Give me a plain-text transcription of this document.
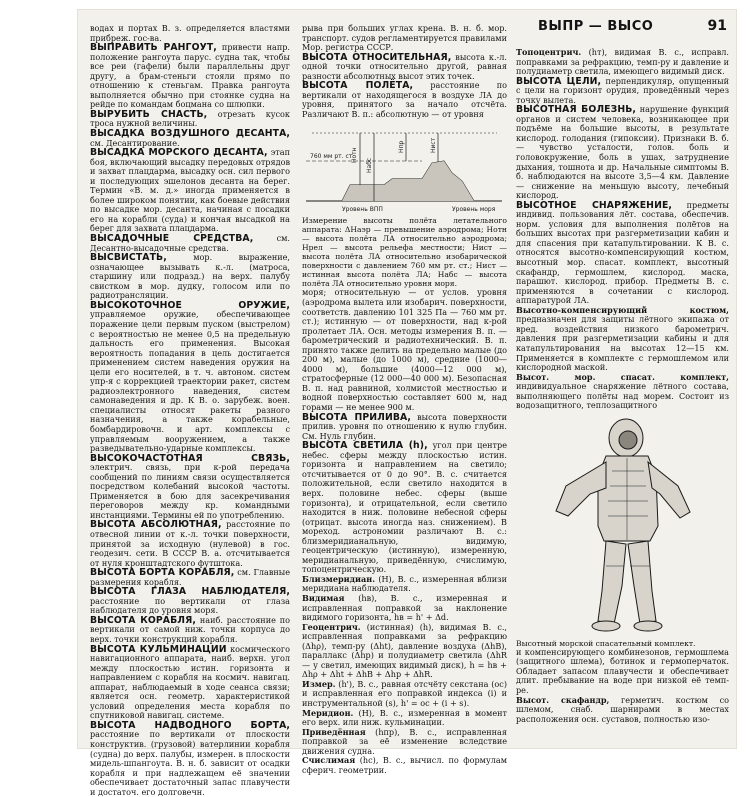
ВЫПР — ВЫСО	91

водах и портах В. з. определяется властями прибреж. гос-ва.

ВЫПРАВИТЬ РАНГОУТ, привести напр. положение рангоута парус. судна так, чтобы все реи (гафели) были параллельны друг другу, а брам-стеньги стояли прямо по отношению к стеньгам. Правка рангоута выполняется обычно при стоянке судна на рейде по командам боцмана со шлюпки.

ВЫРУБИТЬ СНАСТЬ, отрезать кусок троса нужной величины.

ВЫСАДКА ВОЗДУШНОГО ДЕСАНТА, см. Десантирование.

ВЫСАДКА МОРСКОГО ДЕСАНТА, этап боя, включающий высадку передовых отрядов и захват плацдарма, высадку осн. сил первого и последующих эшелонов десанта на берег. Термин «В. м. д.» иногда применяется в более широком понятии, как боевые действия по высадке мор. десанта, начиная с посадки его на корабли (суда) и кончая высадкой на берег для захвата плацдарма.

ВЫСАДОЧНЫЕ СРЕДСТВА,	см. Десантно-высадочные средства.

ВЫСВИСТАТЬ,	мор. выражение, означающее вызывать к.-л. (матроса, старшину или подразд.) на верх. палубу свистком в мор. дудку, голосом или по радиотрансляции.

ВЫСОКОТОЧНОЕ ОРУЖИЕ, управляемое оружие, обеспечивающее поражение цели первым пуском (выстрелом) с вероятностью не менее 0,5 на предельную дальность его применения. Высокая вероятность попадания в цель достигается применением систем наведения оружия на цели его носителей, в т. ч. автоном. систем упр-я с коррекцией траектории ракет, систем радиоэлектронного наведения, систем самонаведения и др. К В. о. зарубеж. воен. специалисты относят ракеты разного назначения, а также корабельные, бомбардировочн. и арт. комплексы с управляемым вооружением, а также разведывательно-ударные комплексы.

ВЫСОКОЧАСТОТНАЯ СВЯЗЬ, электрич. связь, при к-рой передача сообщений по линиям связи осуществляется посредством колебаний высокой частоты. Применяется в бою для засекречивания переговоров между кр. командными инстанциями. Термины ей по употреблению.

ВЫСОТА АБСОЛЮТНАЯ, расстояние по отвесной линии от к.-л. точки поверхности, принятой за исходную (нулевой) в гос. геодезич. сети. В СССР В. а. отсчитывается от нуля кронштадтского футштока.

ВЫСОТА БОРТА КОРАБЛЯ, см. Главные размерения корабля.

ВЫСОТА ГЛАЗА НАБЛЮДАТЕЛЯ, расстояние по вертикали от глаза наблюдателя до уровня моря.

ВЫСОТА КОРАБЛЯ, наиб. расстояние по вертикали от самой ниж. точки корпуса до верх. точки конструкций корабля.

ВЫСОТА КУЛЬМИНАЦИИ космического навигационного аппарата, наиб. верхн. угол между плоскостью истин. горизонта и направлением с корабля на космич. навигац. аппарат, наблюдаемый в ходе сеанса связи; является осн. геометр. характеристикой условий определения места корабля по спутниковой навигац. системе.

ВЫСОТА НАДВОДНОГО БОРТА, расстояние по вертикали от плоскости конструктив. (грузовой) ватерлинии корабля (судна) до верх. палубы, измерен. в плоскости мидель-шпангоута. В. н. б. зависит от осадки корабля и при надлежащем её значении обеспечивает достаточный запас плавучести и достаточ. его долговечн.

рыва при больших углах крена. В. н. б. мор. транспорт. судов регламентируется правилами Мор. регистра СССР.

ВЫСОТА ОТНОСИТЕЛЬНАЯ, высота к.-л. одной точки относительно другой, равная разности абсолютных высот этих точек.

ВЫСОТА ПОЛЁТА, расстояние по вертикали от находящегося в воздухе ЛА до уровня, принятого за начало отсчёта. Различают В. п.: абсолютную — от уровня

Нотн
Набс
Нпр	Нист
Уровень ВПП	Уровень моря
760 мм рт. ст.

Измерение высоты полёта летательного аппарата: ΔНаэр — превышение аэродрома; Нотн — высота полёта ЛА относительно аэродрома; Нрел — высота рельефа местности; Нист — высота полёта ЛА относительно изобарической поверхности с давлением 760 мм рт. ст.; Нист — истинная высота полёта ЛА; Набс — высота полёта ЛА относительно уровня моря.

моря; относительную — от услов. уровня (аэродрома вылета или изобарич. поверхности, соответств. давлению 101 325 Па — 760 мм рт. ст.); истинную — от поверхности, над к-рой пролетает ЛА. Осн. методы измерения В. п. — барометрический и радиотехнический. В. п. принято также делить на предельно малые (до 200 м), малые (до 1000 м), средние (1000—4000 м), большие (4000—12 000 м), стратосферные (12 000—40 000 м). Безопасная В. п. над равниной, холмистой местностью и водной поверхностью составляет 600 м, над горами — не менее 900 м.

ВЫСОТА ПРИЛИВА, высота поверхности прилив. уровня по отношению к нулю глубин. См. Нуль глубин.

ВЫСОТА СВЕТИЛА (h), угол при центре небес. сферы между плоскостью истин. горизонта и направлением на светило; отсчитывается от 0 до 90°. В. с. считается положительной, если светило находится в верх. половине небес. сферы (выше горизонта), и отрицательной, если светило находится в ниж. половине небесной сферы (отрицат. высота иногда наз. снижением). В мореход. астрономии различают В. с.: близмеридианальную, видимую, геоцентрическую (истинную), измеренную, меридианальную, приведённую, счислимую, топоцентрическую.

Близмеридиан. (H), В. с., измеренная вблизи меридиана наблюдателя.

Видимая (hв), В. с., измеренная и исправленная поправкой за наклонение видимого горизонта, hв = h' + Δd.

Геоцентрич. (истинная) (h), видимая В. с., исправленная поправками за рефракцию (Δhρ), темп-ру (Δht), давление воздуха (ΔhB), параллакс (Δhp) и полудиаметр светила (ΔhR — у светил, имеющих видимый диск), h = hв + Δhρ + Δht + ΔhB + Δhp + ΔhR.

Измер. (h'), В. с., равная отсчёту секстана (ос) и исправленная его поправкой индекса (i) и инструментальной (s), h' = ос + (i + s).

Меридион. (H), В. с., измеренная в момент его верх. или ниж. кульминации.

Приведённая (hпр), В. с., исправленная поправкой за её изменение вследствие движения судна.

Счислимая (hc), В. с., вычисл. по формулам сферич. геометрии.

Топоцентрич. (hт), видимая В. с., исправл. поправками за рефракцию, темп-ру и давление и полудиаметр светила, имеющего видимый диск.

ВЫСОТА ЦЕЛИ, перпендикуляр, опущенный с цели на горизонт орудия, проведённый через точку вылета.

ВЫСОТНАЯ БОЛЕЗНЬ, нарушение функций органов и систем человека, возникающее при подъёме на большие высоты, в результате кислород. голодания (гипоксии). Признаки В. б. — чувство усталости, голов. боль и головокружение, боль в ушах, затруднение дыхания, тошнота и др. Начальные симптомы В. б. наблюдаются на высоте 3,5—4 км. Давление — снижение на меньшую высоту, лечебный кислород.

ВЫСОТНОЕ СНАРЯЖЕНИЕ, предметы индивид. пользования лёт. состава, обеспечив. норм. условия для выполнения полётов на больших высотах при разгерметизации кабин и для спасения при катапультировании. К В. с. относятся высотно-компенсирующий костюм, высотный мор. спасат. комплект, высотный скафандр, гермошлем, кислород. маска, парашют. кислород. прибор. Предметы В. с. применяются в сочетании с кислород. аппаратурой ЛА.

Высотно-компенсирующий костюм, предназначен для защиты лётного экипажа от вред. воздействия низкого барометрич. давления при разгерметизации кабины и для катапультирования на высотах 12—15 км. Применяется в комплекте с гермошлемом или кислородной маской.

Высот. мор. спасат. комплект, индивидуальное снаряжение лётного состава, выполняющего полёты над морем. Состоит из водозащитного, теплозащитного

Высотный морской спасательный комплект.

и компенсирующего комбинезонов, гермошлема (защитного шлема), ботинок и гермоперчаток. Обладает запасом плавучести и обеспечивает длит. пребывание на воде при низкой её темп-ре.

Высот. скафандр, герметич. костюм со шлемом, снаб. шарнирами в местах расположения осн. суставов, полностью изо-
